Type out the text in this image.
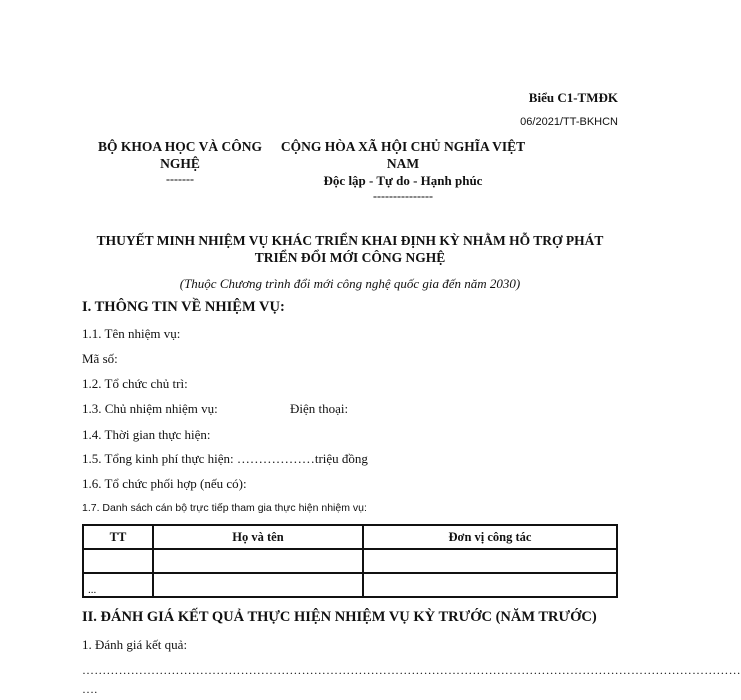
Biểu C1-TMĐK
06/2021/TT-BKHCN
BỘ KHOA HỌC VÀ CÔNG
NGHỆ
-------
CỘNG HÒA XÃ HỘI CHỦ NGHĨA VIỆT NAM
Độc lập - Tự do - Hạnh phúc
---------------
THUYẾT MINH NHIỆM VỤ KHÁC TRIỂN KHAI ĐỊNH KỲ NHẰM HỖ TRỢ PHÁT
TRIỂN ĐỔI MỚI CÔNG NGHỆ
(Thuộc Chương trình đổi mới công nghệ quốc gia đến năm 2030)
I. THÔNG TIN VỀ NHIỆM VỤ:
1.1. Tên nhiệm vụ:
Mã số:
1.2. Tổ chức chủ trì:
1.3. Chủ nhiệm nhiệm vụ:	Điện thoại:
1.4. Thời gian thực hiện:
1.5. Tổng kinh phí thực hiện: ………………triệu đồng
1.6. Tổ chức phối hợp (nếu có):
1.7. Danh sách cán bộ trực tiếp tham gia thực hiện nhiệm vụ:
TT	Họ và tên	Đơn vị công tác

...		
II. ĐÁNH GIÁ KẾT QUẢ THỰC HIỆN NHIỆM VỤ KỲ TRƯỚC (NĂM TRƯỚC)
1. Đánh giá kết quả:
………………………………………………………………………………………………………………………………………………
….
